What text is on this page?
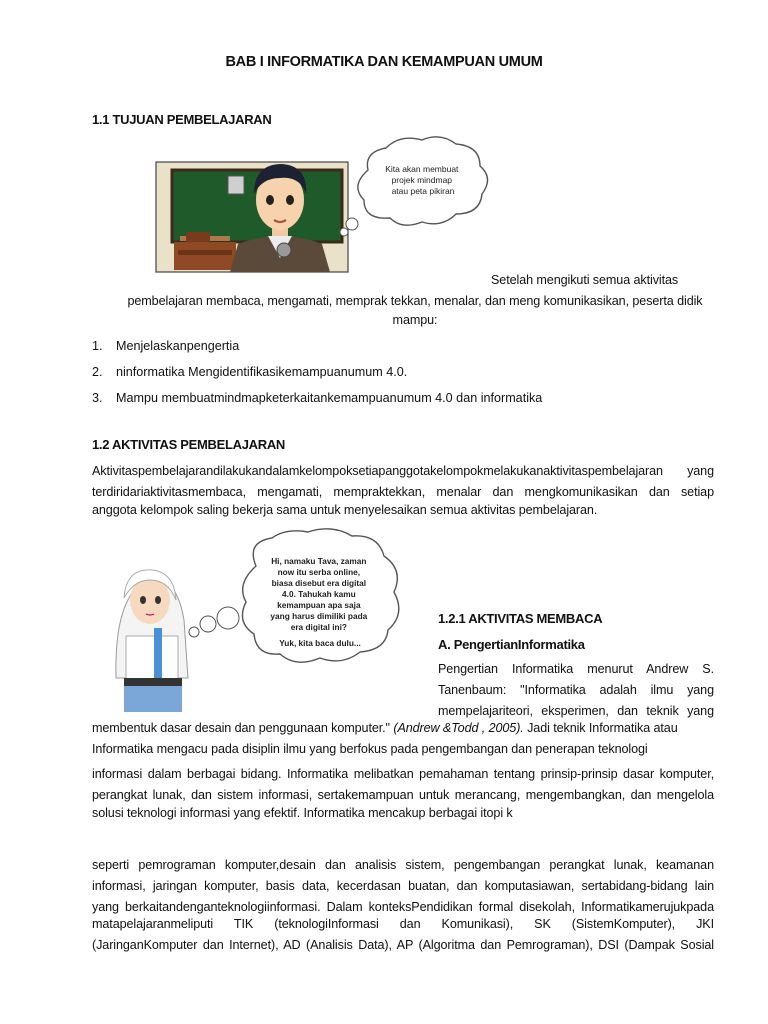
BAB I INFORMATIKA DAN KEMAMPUAN UMUM
1.1 TUJUAN PEMBELAJARAN
Kita akan membuat projek mindmap atau peta pikiran
Setelah mengikuti semua aktivitas
pembelajaran membaca, mengamati, memprak tekkan, menalar, dan meng komunikasikan, peserta didik
mampu:
1. Menjelaskanpengertia
2. ninformatika Mengidentifikasikemampuanumum 4.0.
3. Mampu membuatmindmapketerkaitankemampuanumum 4.0 dan informatika
1.2 AKTIVITAS PEMBELAJARAN
Aktivitaspembelajarandilakukandalamkelompoksetiapanggotakelompokmelakukanaktivitaspembelajaran yang
terdiridariaktivitasmembaca, mengamati, mempraktekkan, menalar dan mengkomunikasikan dan setiap
anggota kelompok saling bekerja sama untuk menyelesaikan semua aktivitas pembelajaran.
Hi, namaku Tava, zaman now itu serba online, biasa disebut era digital 4.0. Tahukah kamu kemampuan apa saja yang harus dimiliki pada era digital ini? Yuk, kita baca dulu...
1.2.1 AKTIVITAS MEMBACA
A. PengertianInformatika
Pengertian Informatika menurut Andrew S.
Tanenbaum: "Informatika adalah ilmu yang
mempelajariteori, eksperimen, dan teknik yang
membentuk dasar desain dan penggunaan komputer." (Andrew &Todd , 2005). Jadi teknik Informatika atau
Informatika mengacu pada disiplin ilmu yang berfokus pada pengembangan dan penerapan teknologi
informasi dalam berbagai bidang. Informatika melibatkan pemahaman tentang prinsip-prinsip dasar komputer,
perangkat lunak, dan sistem informasi, sertakemampuan untuk merancang, mengembangkan, dan mengelola
solusi teknologi informasi yang efektif. Informatika mencakup berbagai itopi k
seperti pemrograman komputer,desain dan analisis sistem, pengembangan perangkat lunak, keamanan
informasi, jaringan komputer, basis data, kecerdasan buatan, dan komputasiawan, sertabidang-bidang lain
yang berkaitandenganteknologiinformasi. Dalam konteksPendidikan formal disekolah, Informatikamerujukpada
matapelajaranmeliputi TIK (teknologiInformasi dan Komunikasi), SK (SistemKomputer), JKI
(JaringanKomputer dan Internet), AD (Analisis Data), AP (Algoritma dan Pemrograman), DSI (Dampak Sosial
